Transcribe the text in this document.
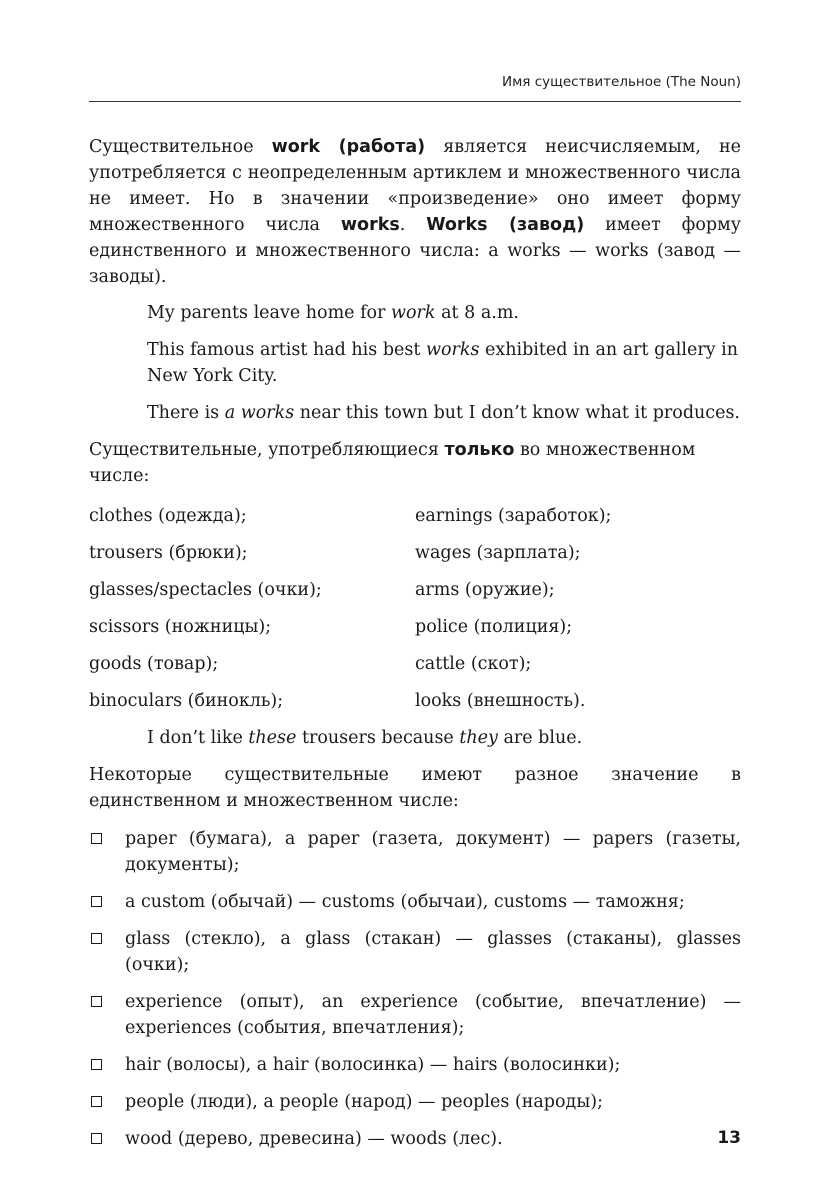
Имя существительное (The Noun)

Существительное work (работа) является неисчисляемым, не употребляется с неопределенным артиклем и множественного числа не имеет. Но в значении «произведение» оно имеет форму множественного числа works. Works (завод) имеет форму единственного и множественного числа: a works — works (завод — заводы).

My parents leave home for work at 8 a.m.

This famous artist had his best works exhibited in an art gallery in New York City.

There is a works near this town but I don’t know what it produces.

Существительные, употребляющиеся только во множественном числе:

clothes (одежда);	earnings (заработок);
trousers (брюки);	wages (зарплата);
glasses/spectacles (очки);	arms (оружие);
scissors (ножницы);	police (полиция);
goods (товар);	cattle (скот);
binoculars (бинокль);	looks (внешность).

I don’t like these trousers because they are blue.

Некоторые существительные имеют разное значение в единственном и множественном числе:

paper (бумага), a paper (газета, документ) — papers (газеты, документы);
a custom (обычай) — customs (обычаи), customs — таможня;
glass (стекло), a glass (стакан) — glasses (стаканы), glasses (очки);
experience (опыт), an experience (событие, впечатление) — experiences (события, впечатления);
hair (волосы), a hair (волосинка) — hairs (волосинки);
people (люди), a people (народ) — peoples (народы);
wood (дерево, древесина) — woods (лес).	13
